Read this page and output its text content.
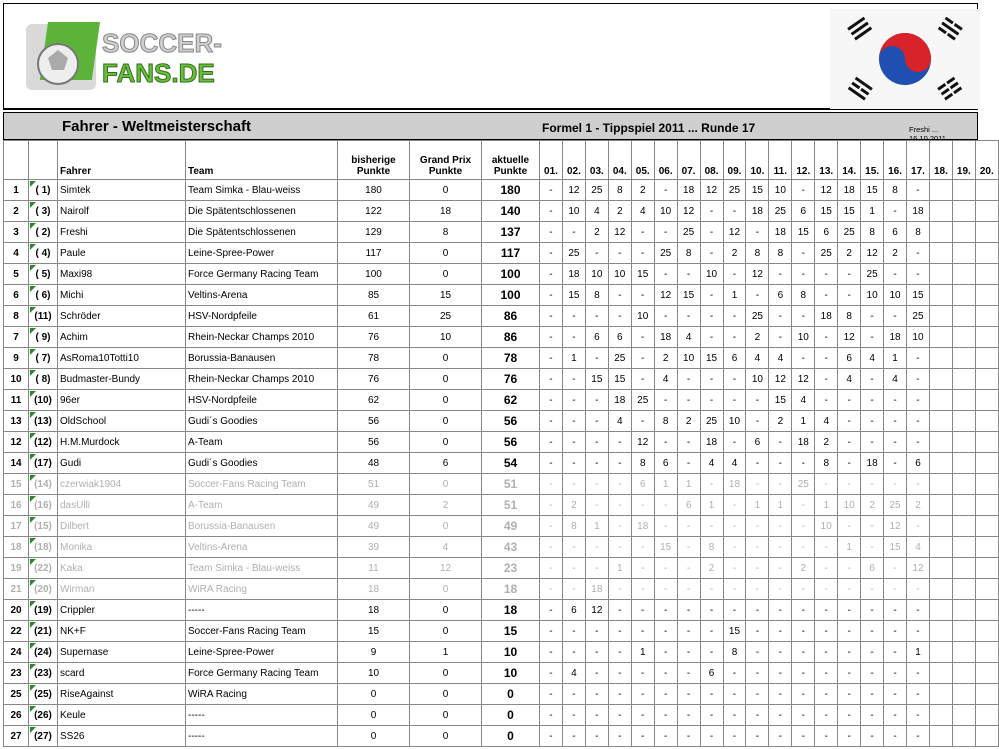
SOCCER-
FANS.DE
Fahrer - Weltmeisterschaft	Formel 1 - Tippspiel 2011 ... Runde 17	Freshi ... 16.10.2011
		Fahrer	Team	bisherige
Punkte	Grand Prix
Punkte	aktuelle
Punkte	01.	02.	03.	04.	05.	06.	07.	08.	09.	10.	11.	12.	13.	14.	15.	16.	17.	18.	19.	20.
1	( 1)	Simtek	Team Simka - Blau-weiss	180	0	180	-	12	25	8	2	-	18	12	25	15	10	-	12	18	15	8	-			
2	( 3)	Nairolf	Die Spätentschlossenen	122	18	140	-	10	4	2	4	10	12	-	-	18	25	6	15	15	1	-	18			
3	( 2)	Freshi	Die Spätentschlossenen	129	8	137	-	-	2	12	-	-	25	-	12	-	18	15	6	25	8	6	8			
4	( 4)	Paule	Leine-Spree-Power	117	0	117	-	25	-	-	-	25	8	-	2	8	8	-	25	2	12	2	-			
5	( 5)	Maxi98	Force Germany Racing Team	100	0	100	-	18	10	10	15	-	-	10	-	12	-	-	-	-	25	-	-			
6	( 6)	Michi	Veltins-Arena	85	15	100	-	15	8	-	-	12	15	-	1	-	6	8	-	-	10	10	15			
8	(11)	Schröder	HSV-Nordpfeile	61	25	86	-	-	-	-	10	-	-	-	-	25	-	-	18	8	-	-	25			
7	( 9)	Achim	Rhein-Neckar Champs 2010	76	10	86	-	-	6	6	-	18	4	-	-	2	-	10	-	12	-	18	10			
9	( 7)	AsRoma10Totti10	Borussia-Banausen	78	0	78	-	1	-	25	-	2	10	15	6	4	4	-	-	6	4	1	-			
10	( 8)	Budmaster-Bundy	Rhein-Neckar Champs 2010	76	0	76	-	-	15	15	-	4	-	-	-	10	12	12	-	4	-	4	-			
11	(10)	96er	HSV-Nordpfeile	62	0	62	-	-	-	18	25	-	-	-	-	-	15	4	-	-	-	-	-			
13	(13)	OldSchool	Gudi´s Goodies	56	0	56	-	-	-	4	-	8	2	25	10	-	2	1	4	-	-	-	-			
12	(12)	H.M.Murdock	A-Team	56	0	56	-	-	-	-	12	-	-	18	-	6	-	18	2	-	-	-	-			
14	(17)	Gudi	Gudi´s Goodies	48	6	54	-	-	-	-	8	6	-	4	4	-	-	-	8	-	18	-	6			
15	(14)	czerwiak1904	Soccer-Fans Racing Team	51	0	51	-	-	-	-	6	1	1	-	18	-	-	25	-	-	-	-	-			
16	(16)	dasUlli	A-Team	49	2	51	-	2	-	-	-	-	6	1	-	1	1	-	1	10	2	25	2			
17	(15)	Dilbert	Borussia-Banausen	49	0	49	-	8	1	-	18	-	-	-	-	-	-	-	10	-	-	12	-			
18	(18)	Monika	Veltins-Arena	39	4	43	-	-	-	-	-	15	-	8	-	-	-	-	-	1	-	15	4			
19	(22)	Kaka	Team Simka - Blau-weiss	11	12	23	-	-	-	1	-	-	-	2	-	-	-	2	-	-	6	-	12			
21	(20)	Wirman	WiRA Racing	18	0	18	-	-	18	-	-	-	-	-	-	-	-	-	-	-	-	-	-			
20	(19)	Crippler	-----	18	0	18	-	6	12	-	-	-	-	-	-	-	-	-	-	-	-	-	-			
22	(21)	NK+F	Soccer-Fans Racing Team	15	0	15	-	-	-	-	-	-	-	-	15	-	-	-	-	-	-	-	-			
24	(24)	Supernase	Leine-Spree-Power	9	1	10	-	-	-	-	1	-	-	-	8	-	-	-	-	-	-	-	1			
23	(23)	scard	Force Germany Racing Team	10	0	10	-	4	-	-	-	-	-	6	-	-	-	-	-	-	-	-	-			
25	(25)	RiseAgainst	WiRA Racing	0	0	0	-	-	-	-	-	-	-	-	-	-	-	-	-	-	-	-	-			
26	(26)	Keule	-----	0	0	0	-	-	-	-	-	-	-	-	-	-	-	-	-	-	-	-	-			
27	(27)	SS26	-----	0	0	0	-	-	-	-	-	-	-	-	-	-	-	-	-	-	-	-	-			
